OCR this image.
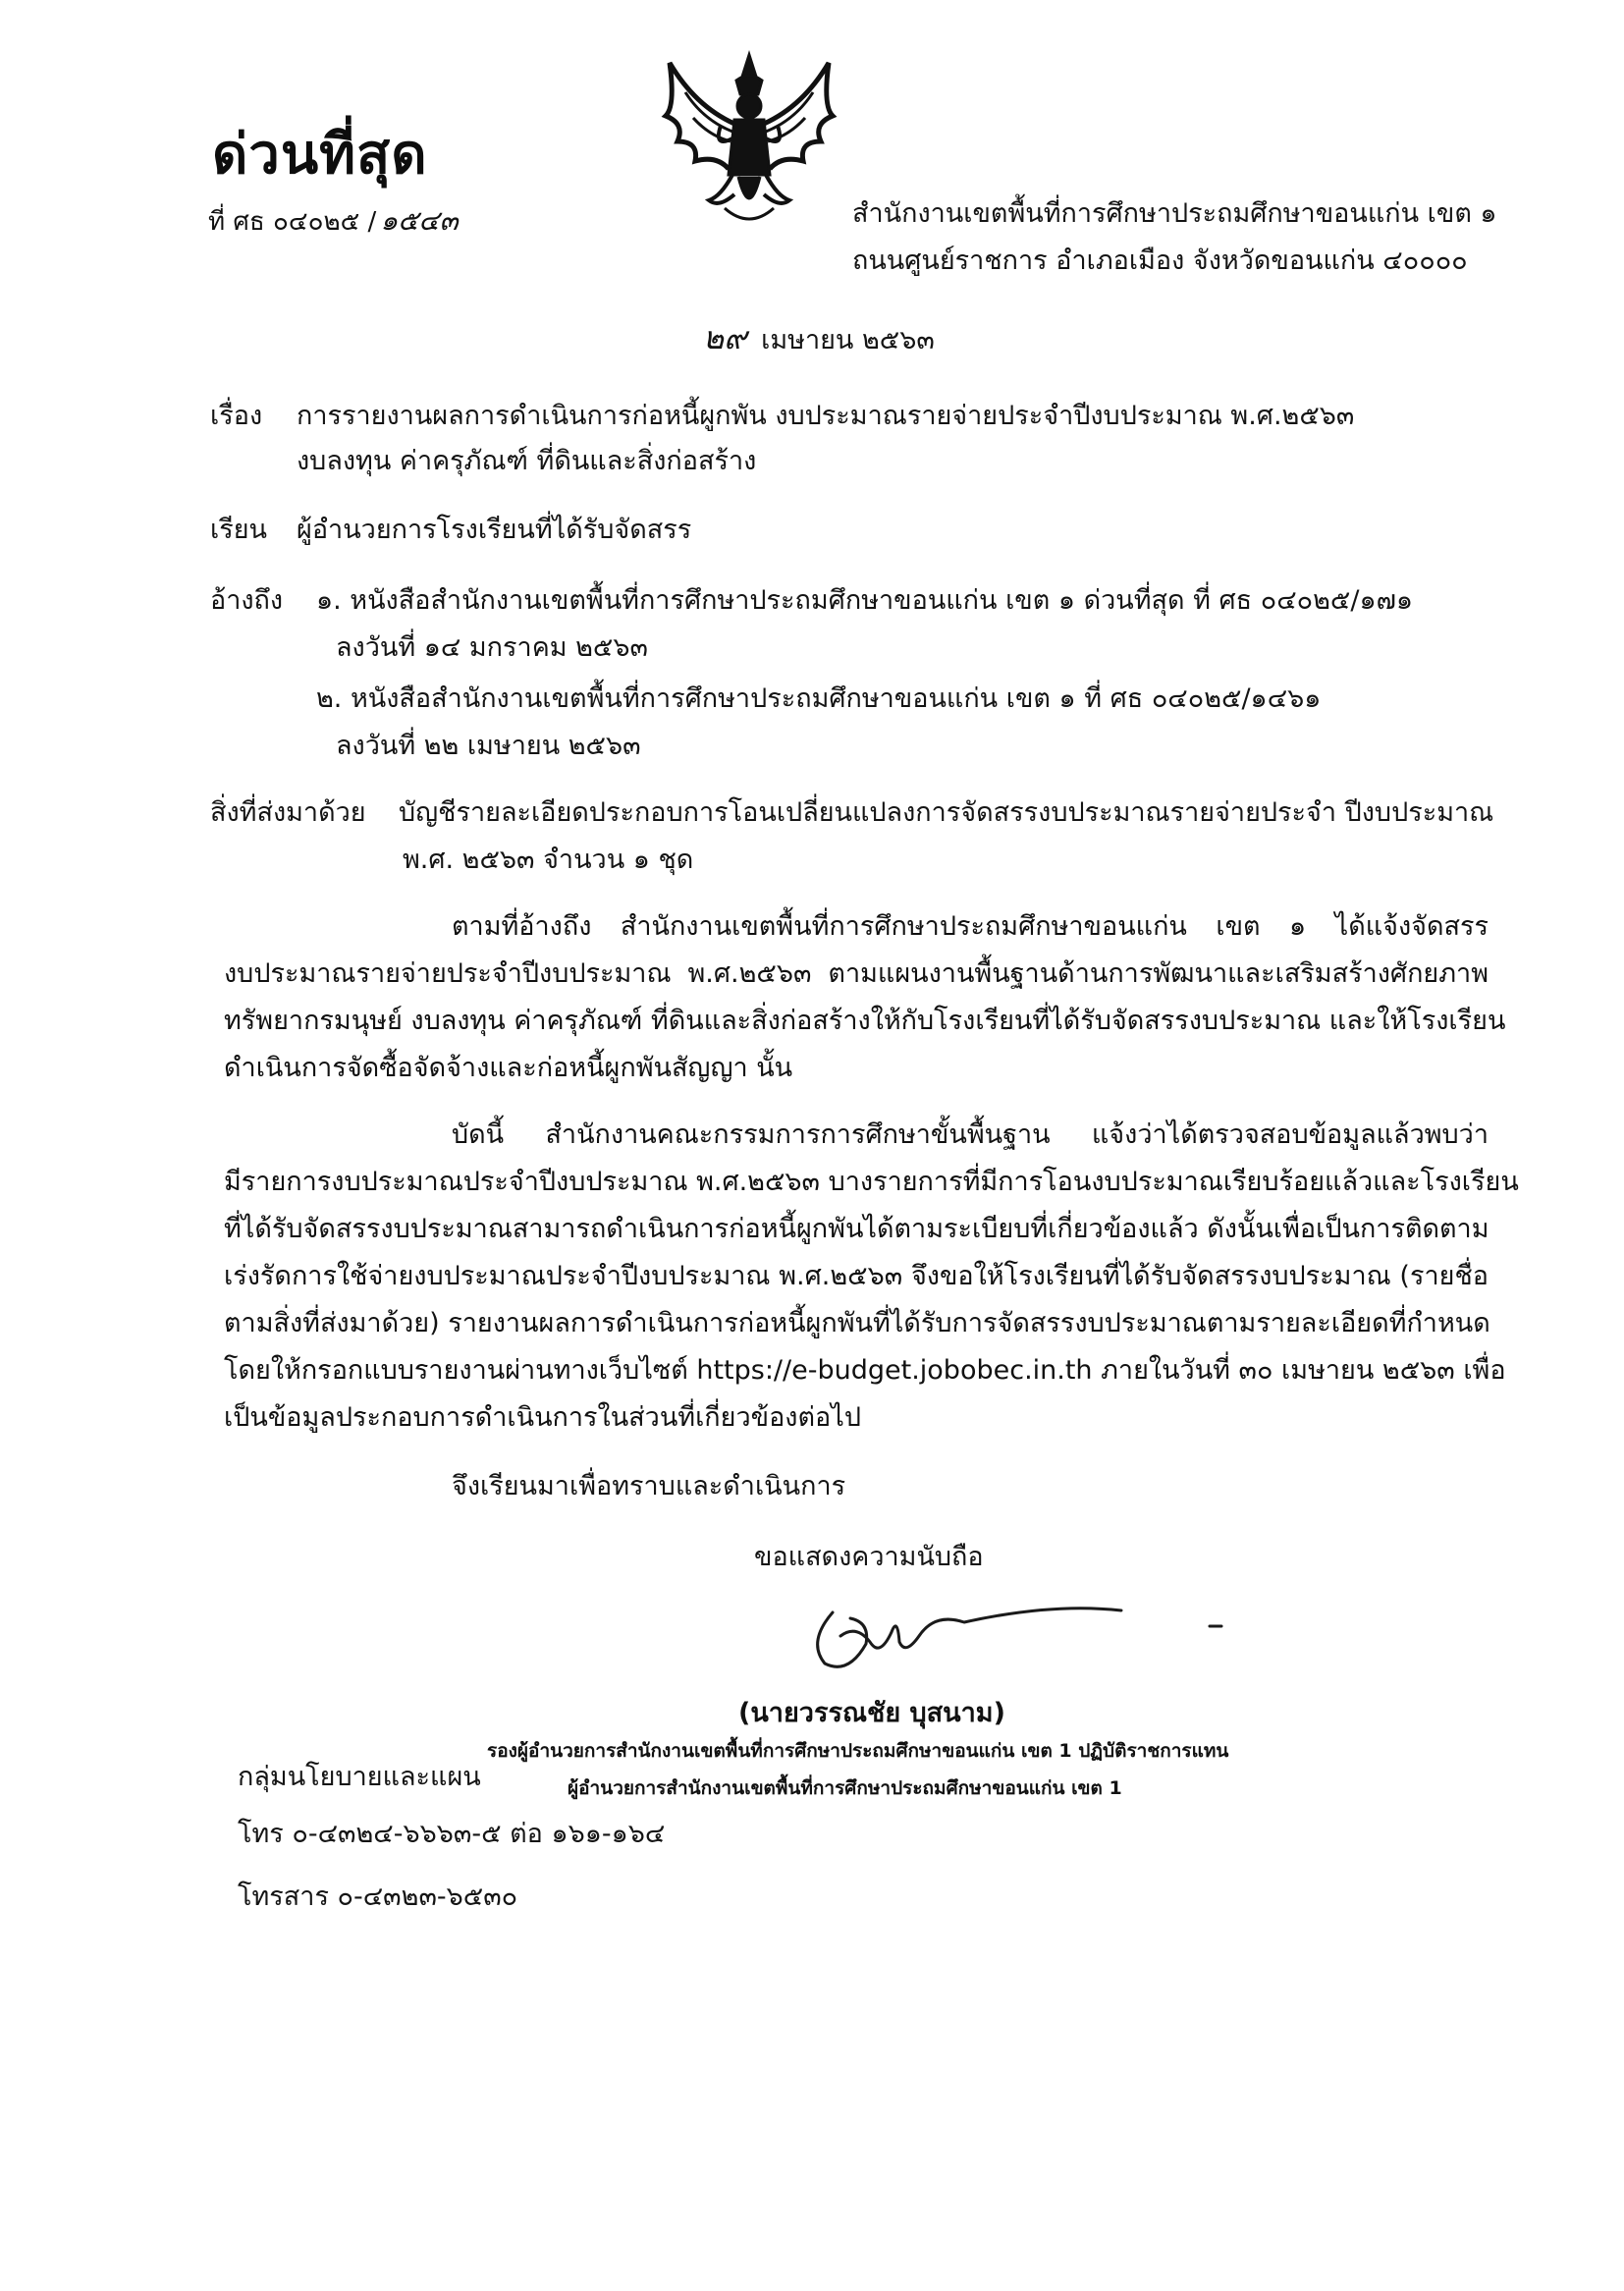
ด่วนที่สุด
ที่ ศธ ๐๔๐๒๕ / ๑๕๔๓	สำนักงานเขตพื้นที่การศึกษาประถมศึกษาขอนแก่น เขต ๑
ถนนศูนย์ราชการ อำเภอเมือง จังหวัดขอนแก่น ๔๐๐๐๐
๒๙ เมษายน ๒๕๖๓
เรื่อง การรายงานผลการดำเนินการก่อหนี้ผูกพัน งบประมาณรายจ่ายประจำปีงบประมาณ พ.ศ.๒๕๖๓
งบลงทุน ค่าครุภัณฑ์ ที่ดินและสิ่งก่อสร้าง
เรียน ผู้อำนวยการโรงเรียนที่ได้รับจัดสรร
อ้างถึง ๑. หนังสือสำนักงานเขตพื้นที่การศึกษาประถมศึกษาขอนแก่น เขต ๑ ด่วนที่สุด ที่ ศธ ๐๔๐๒๕/๑๗๑
ลงวันที่ ๑๔ มกราคม ๒๕๖๓
๒. หนังสือสำนักงานเขตพื้นที่การศึกษาประถมศึกษาขอนแก่น เขต ๑ ที่ ศธ ๐๔๐๒๕/๑๔๖๑
ลงวันที่ ๒๒ เมษายน ๒๕๖๓
สิ่งที่ส่งมาด้วย บัญชีรายละเอียดประกอบการโอนเปลี่ยนแปลงการจัดสรรงบประมาณรายจ่ายประจำ ปีงบประมาณ
พ.ศ. ๒๕๖๓ จำนวน ๑ ชุด
ตามที่อ้างถึง สำนักงานเขตพื้นที่การศึกษาประถมศึกษาขอนแก่น เขต ๑ ได้แจ้งจัดสรร
งบประมาณรายจ่ายประจำปีงบประมาณ พ.ศ.๒๕๖๓ ตามแผนงานพื้นฐานด้านการพัฒนาและเสริมสร้างศักยภาพ
ทรัพยากรมนุษย์ งบลงทุน ค่าครุภัณฑ์ ที่ดินและสิ่งก่อสร้างให้กับโรงเรียนที่ได้รับจัดสรรงบประมาณ และให้โรงเรียน
ดำเนินการจัดซื้อจัดจ้างและก่อหนี้ผูกพันสัญญา นั้น
บัดนี้ สำนักงานคณะกรรมการการศึกษาขั้นพื้นฐาน แจ้งว่าได้ตรวจสอบข้อมูลแล้วพบว่า
มีรายการงบประมาณประจำปีงบประมาณ พ.ศ.๒๕๖๓ บางรายการที่มีการโอนงบประมาณเรียบร้อยแล้วและโรงเรียน
ที่ได้รับจัดสรรงบประมาณสามารถดำเนินการก่อหนี้ผูกพันได้ตามระเบียบที่เกี่ยวข้องแล้ว ดังนั้นเพื่อเป็นการติดตาม
เร่งรัดการใช้จ่ายงบประมาณประจำปีงบประมาณ พ.ศ.๒๕๖๓ จึงขอให้โรงเรียนที่ได้รับจัดสรรงบประมาณ (รายชื่อ
ตามสิ่งที่ส่งมาด้วย) รายงานผลการดำเนินการก่อหนี้ผูกพันที่ได้รับการจัดสรรงบประมาณตามรายละเอียดที่กำหนด
โดยให้กรอกแบบรายงานผ่านทางเว็บไซต์ https://e-budget.jobobec.in.th ภายในวันที่ ๓๐ เมษายน ๒๕๖๓ เพื่อ
เป็นข้อมูลประกอบการดำเนินการในส่วนที่เกี่ยวข้องต่อไป
จึงเรียนมาเพื่อทราบและดำเนินการ
ขอแสดงความนับถือ
(นายวรรณชัย บุสนาม)
รองผู้อำนวยการสำนักงานเขตพื้นที่การศึกษาประถมศึกษาขอนแก่น เขต 1 ปฏิบัติราชการแทน
ผู้อำนวยการสำนักงานเขตพื้นที่การศึกษาประถมศึกษาขอนแก่น เขต 1
กลุ่มนโยบายและแผน
โทร ๐-๔๓๒๔-๖๖๖๓-๕ ต่อ ๑๖๑-๑๖๔
โทรสาร ๐-๔๓๒๓-๖๕๓๐
